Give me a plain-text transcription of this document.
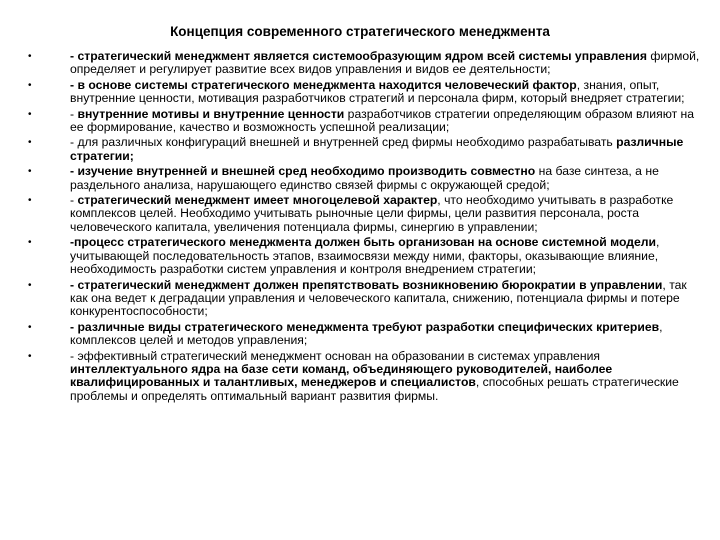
Концепция современного стратегического менеджмента
•	- стратегический менеджмент является системообразующим ядром всей системы управления фирмой, определяет и регулирует развитие всех видов управления и видов ее деятельности;
•	- в основе системы стратегического менеджмента находится человеческий фактор, знания, опыт, внутренние ценности, мотивация разработчиков стратегий и персонала фирм, который внедряет стратегии;
•	- внутренние мотивы и внутренние ценности разработчиков стратегии определяющим образом влияют на ее формирование, качество и возможность успешной реализации;
•	- для различных конфигураций внешней и внутренней сред фирмы необходимо разрабатывать различные стратегии;
•	- изучение внутренней и внешней сред необходимо производить совместно на базе синтеза, а не раздельного анализа, нарушающего единство связей фирмы с окружающей средой;
•	- стратегический менеджмент имеет многоцелевой характер, что необходимо учитывать в разработке комплексов целей. Необходимо учитывать рыночные цели фирмы, цели развития персонала, роста человеческого капитала, увеличения потенциала фирмы, синергию в управлении;
•	-процесс стратегического менеджмента должен быть организован на основе системной модели, учитывающей последовательность этапов, взаимосвязи между ними, факторы, оказывающие влияние, необходимость разработки систем управления и контроля внедрением стратегии;
•	- стратегический менеджмент должен препятствовать возникновению бюрократии в управлении, так как она ведет к деградации управления и человеческого капитала, снижению, потенциала фирмы и потере конкурентоспособности;
•	- различные виды стратегического менеджмента требуют разработки специфических критериев, комплексов целей и методов управления;
•	- эффективный стратегический менеджмент основан на образовании в системах управления интеллектуального ядра на базе сети команд, объединяющего руководителей, наиболее квалифицированных и талантливых, менеджеров и специалистов, способных решать стратегические проблемы и определять оптимальный вариант развития фирмы.
